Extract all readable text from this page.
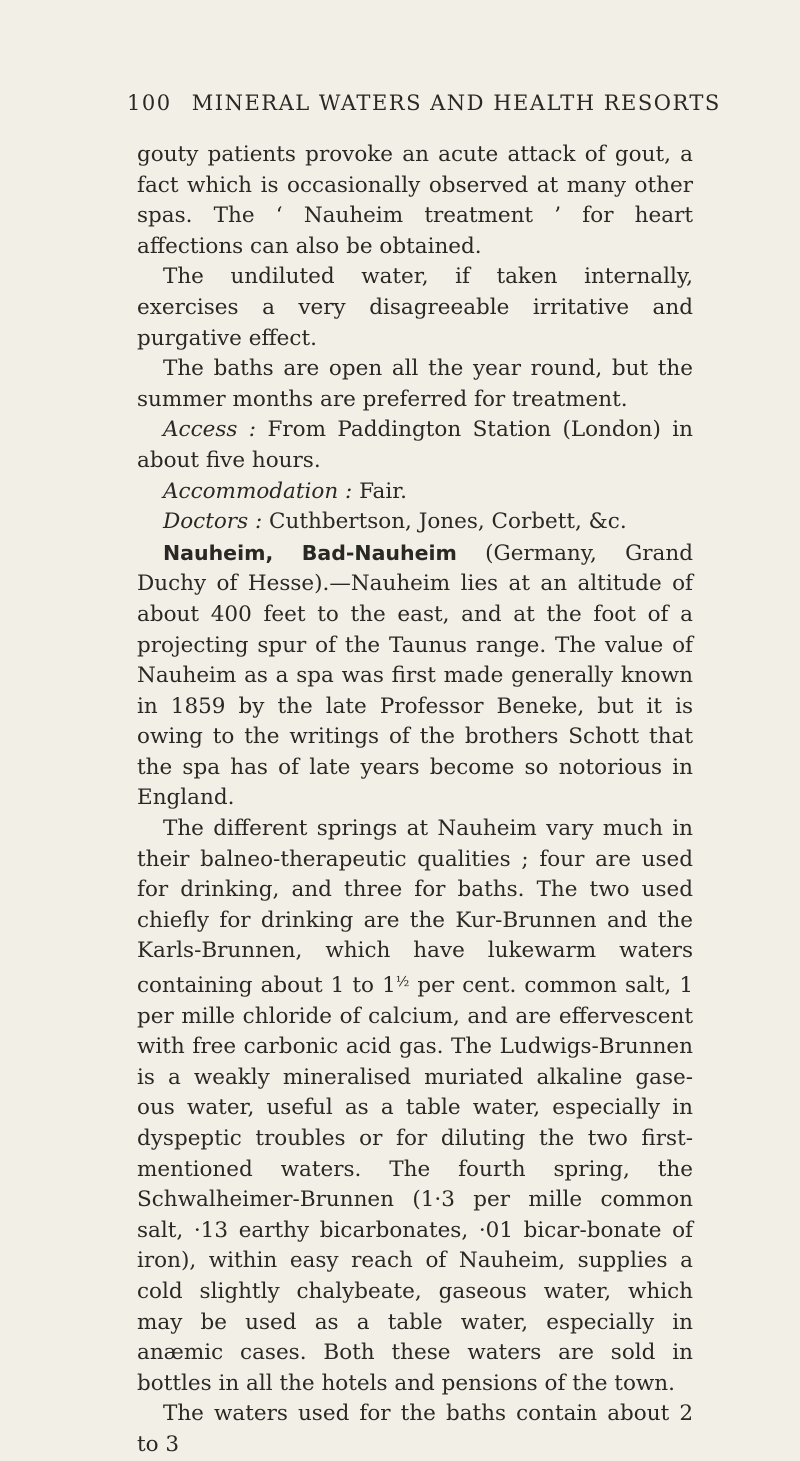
100 MINERAL WATERS AND HEALTH RESORTS

gouty patients provoke an acute attack of gout, a fact which is occasionally observed at many other spas. The ‘ Nauheim treatment ’ for heart affections can also be obtained.

The undiluted water, if taken internally, exercises a very disagreeable irritative and purgative effect.

The baths are open all the year round, but the summer months are preferred for treatment.

Access : From Paddington Station (London) in about five hours.

Accommodation : Fair.

Doctors : Cuthbertson, Jones, Corbett, &c.

Nauheim, Bad-Nauheim (Germany, Grand Duchy of Hesse).—Nauheim lies at an altitude of about 400 feet to the east, and at the foot of a projecting spur of the Taunus range. The value of Nauheim as a spa was first made generally known in 1859 by the late Professor Beneke, but it is owing to the writings of the brothers Schott that the spa has of late years become so notorious in England.

The different springs at Nauheim vary much in their balneo-therapeutic qualities ; four are used for drinking, and three for baths. The two used chiefly for drinking are the Kur-Brunnen and the Karls-Brunnen, which have lukewarm waters containing about 1 to $1^{\frac{1}{2}}$ per cent. common salt, 1 per mille chloride of calcium, and are effervescent with free carbonic acid gas. The Ludwigs-Brunnen is a weakly mineralised muriated alkaline gase-ous water, useful as a table water, especially in dyspeptic troubles or for diluting the two first-mentioned waters. The fourth spring, the Schwalheimer-Brunnen (1·3 per mille common salt, ·13 earthy bicarbonates, ·01 bicar-bonate of iron), within easy reach of Nauheim, supplies a cold slightly chalybeate, gaseous water, which may be used as a table water, especially in anæmic cases. Both these waters are sold in bottles in all the hotels and pensions of the town.

The waters used for the baths contain about 2 to 3
